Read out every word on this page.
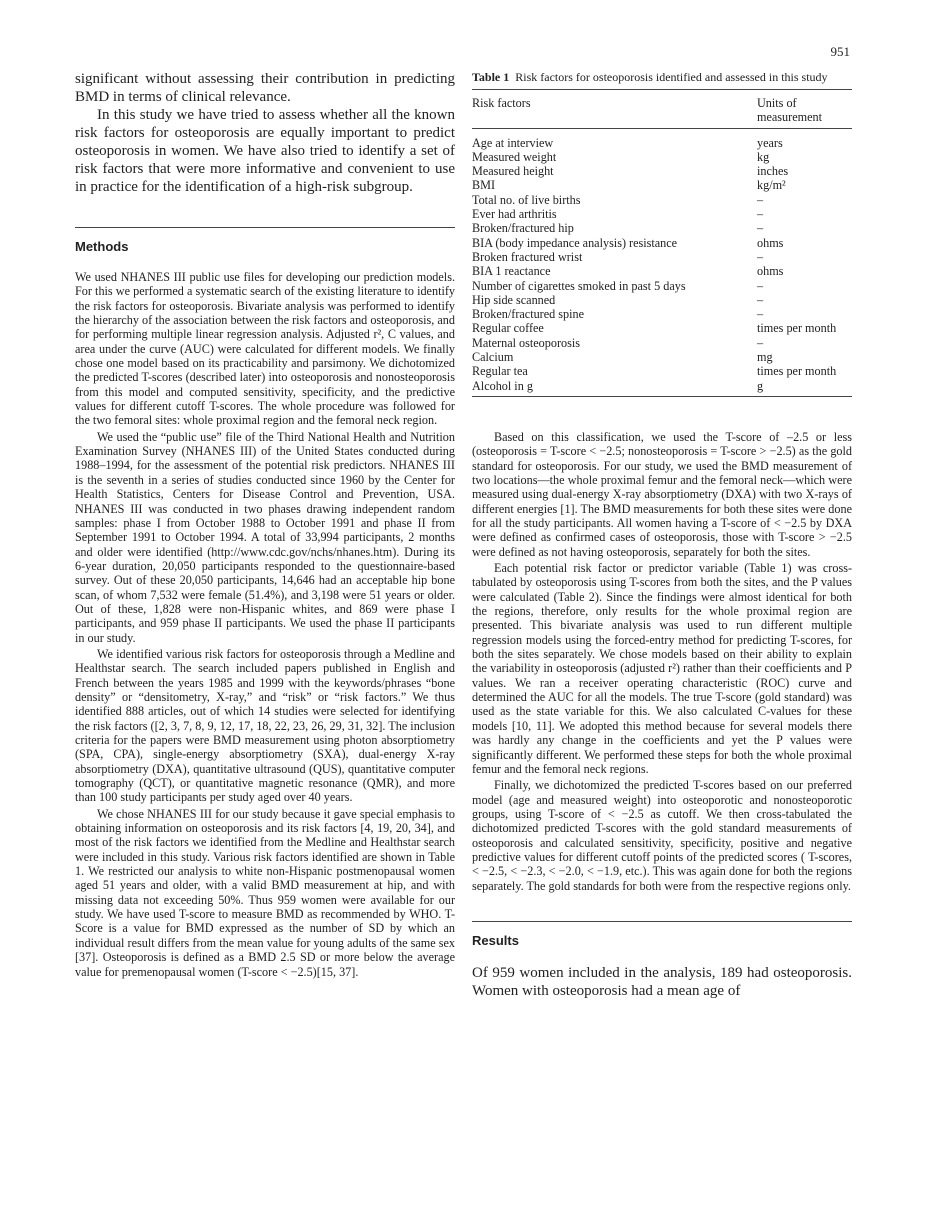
951

significant without assessing their contribution in predicting BMD in terms of clinical relevance.

In this study we have tried to assess whether all the known risk factors for osteoporosis are equally important to predict osteoporosis in women. We have also tried to identify a set of risk factors that were more informative and convenient to use in practice for the identification of a high-risk subgroup.

Methods

We used NHANES III public use files for developing our prediction models. For this we performed a systematic search of the existing literature to identify the risk factors for osteoporosis. Bivariate analysis was performed to identify the hierarchy of the association between the risk factors and osteoporosis, and for performing multiple linear regression analysis. Adjusted r², C values, and area under the curve (AUC) were calculated for different models. We finally chose one model based on its practicability and parsimony. We dichotomized the predicted T-scores (described later) into osteoporosis and nonosteoporosis from this model and computed sensitivity, specificity, and the predictive values for different cutoff T-scores. The whole procedure was followed for the two femoral sites: whole proximal region and the femoral neck region.

We used the “public use” file of the Third National Health and Nutrition Examination Survey (NHANES III) of the United States conducted during 1988–1994, for the assessment of the potential risk predictors. NHANES III is the seventh in a series of studies conducted since 1960 by the Center for Health Statistics, Centers for Disease Control and Prevention, USA. NHANES III was conducted in two phases drawing independent random samples: phase I from October 1988 to October 1991 and phase II from September 1991 to October 1994. A total of 33,994 participants, 2 months and older were identified (http://www.cdc.gov/nchs/nhanes.htm). During its 6-year duration, 20,050 participants responded to the questionnaire-based survey. Out of these 20,050 participants, 14,646 had an acceptable hip bone scan, of whom 7,532 were female (51.4%), and 3,198 were 51 years or older. Out of these, 1,828 were non-Hispanic whites, and 869 were phase I participants, and 959 phase II participants. We used the phase II participants in our study.

We identified various risk factors for osteoporosis through a Medline and Healthstar search. The search included papers published in English and French between the years 1985 and 1999 with the keywords/phrases “bone density” or “densitometry, X-ray,” and “risk” or “risk factors.” We thus identified 888 articles, out of which 14 studies were selected for identifying the risk factors ([2, 3, 7, 8, 9, 12, 17, 18, 22, 23, 26, 29, 31, 32]. The inclusion criteria for the papers were BMD measurement using photon absorptiometry (SPA, CPA), single-energy absorptiometry (SXA), dual-energy X-ray absorptiometry (DXA), quantitative ultrasound (QUS), quantitative computer tomography (QCT), or quantitative magnetic resonance (QMR), and more than 100 study participants per study aged over 40 years.

We chose NHANES III for our study because it gave special emphasis to obtaining information on osteoporosis and its risk factors [4, 19, 20, 34], and most of the risk factors we identified from the Medline and Healthstar search were included in this study. Various risk factors identified are shown in Table 1. We restricted our analysis to white non-Hispanic postmenopausal women aged 51 years and older, with a valid BMD measurement at hip, and with missing data not exceeding 50%. Thus 959 women were available for our study. We have used T-score to measure BMD as recommended by WHO. T-Score is a value for BMD expressed as the number of SD by which an individual result differs from the mean value for young adults of the same sex [37]. Osteoporosis is defined as a BMD 2.5 SD or more below the average value for premenopausal women (T-score < −2.5)[15, 37].

Table 1 Risk factors for osteoporosis identified and assessed in this study

Risk factors	Units of measurement
Age at interview	years
Measured weight	kg
Measured height	inches
BMI	kg/m²
Total no. of live births	–
Ever had arthritis	–
Broken/fractured hip	–
BIA (body impedance analysis) resistance	ohms
Broken fractured wrist	–
BIA 1 reactance	ohms
Number of cigarettes smoked in past 5 days	–
Hip side scanned	–
Broken/fractured spine	–
Regular coffee	times per month
Maternal osteoporosis	–
Calcium	mg
Regular tea	times per month
Alcohol in g	g

Based on this classification, we used the T-score of –2.5 or less (osteoporosis = T-score < −2.5; nonosteoporosis = T-score > −2.5) as the gold standard for osteoporosis. For our study, we used the BMD measurement of two locations—the whole proximal femur and the femoral neck—which were measured using dual-energy X-ray absorptiometry (DXA) with two X-rays of different energies [1]. The BMD measurements for both these sites were done for all the study participants. All women having a T-score of < −2.5 by DXA were defined as confirmed cases of osteoporosis, those with T-score > −2.5 were defined as not having osteoporosis, separately for both the sites.

Each potential risk factor or predictor variable (Table 1) was cross-tabulated by osteoporosis using T-scores from both the sites, and the P values were calculated (Table 2). Since the findings were almost identical for both the regions, therefore, only results for the whole proximal region are presented. This bivariate analysis was used to run different multiple regression models using the forced-entry method for predicting T-scores, for both the sites separately. We chose models based on their ability to explain the variability in osteoporosis (adjusted r²) rather than their coefficients and P values. We ran a receiver operating characteristic (ROC) curve and determined the AUC for all the models. The true T-score (gold standard) was used as the state variable for this. We also calculated C-values for these models [10, 11]. We adopted this method because for several models there was hardly any change in the coefficients and yet the P values were significantly different. We performed these steps for both the whole proximal femur and the femoral neck regions.

Finally, we dichotomized the predicted T-scores based on our preferred model (age and measured weight) into osteoporotic and nonosteoporotic groups, using T-score of < −2.5 as cutoff. We then cross-tabulated the dichotomized predicted T-scores with the gold standard measurements of osteoporosis and calculated sensitivity, specificity, positive and negative predictive values for different cutoff points of the predicted scores ( T-scores, < −2.5, < −2.3, < −2.0, < −1.9, etc.). This was again done for both the regions separately. The gold standards for both were from the respective regions only.

Results

Of 959 women included in the analysis, 189 had osteoporosis. Women with osteoporosis had a mean age of
